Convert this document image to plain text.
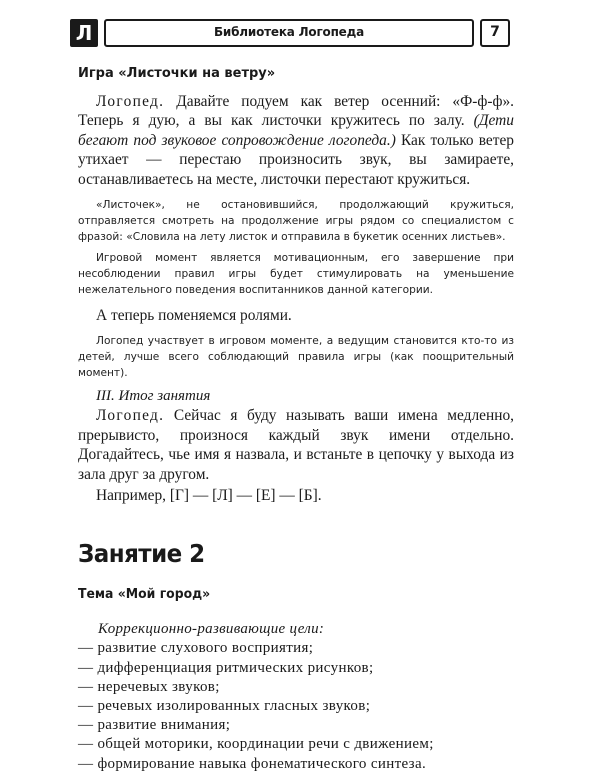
Л	Библиотека Логопеда	7
Игра «Листочки на ветру»

Логопед. Давайте подуем как ветер осенний: «Ф-ф-ф». Теперь я дую, а вы как листочки кружитесь по залу. (Дети бегают под звуковое сопровождение логопеда.) Как только ветер утихает — перестаю произносить звук, вы замираете, останавливаетесь на месте, листочки перестают кружиться.

«Листочек», не остановившийся, продолжающий кружиться, отправляется смотреть на продолжение игры рядом со специалистом с фразой: «Словила на лету листок и отправила в букетик осенних листьев».

Игровой момент является мотивационным, его завершение при несоблюдении правил игры будет стимулировать на уменьшение нежелательного поведения воспитанников данной категории.

А теперь поменяемся ролями.

Логопед участвует в игровом моменте, а ведущим становится кто-то из детей, лучше всего соблюдающий правила игры (как поощрительный момент).

III. Итог занятия

Логопед. Сейчас я буду называть ваши имена медленно, прерывисто, произнося каждый звук имени отдельно. Догадайтесь, чье имя я назвала, и встаньте в цепочку у выхода из зала друг за другом.

Например, [Г] — [Л] — [Е] — [Б].

Занятие 2
Тема «Мой город»

Коррекционно-развивающие цели:

— развитие слухового восприятия;
— дифференциация ритмических рисунков;
— неречевых звуков;
— речевых изолированных гласных звуков;
— развитие внимания;
— общей моторики, координации речи с движением;
— формирование навыка фонематического синтеза.
